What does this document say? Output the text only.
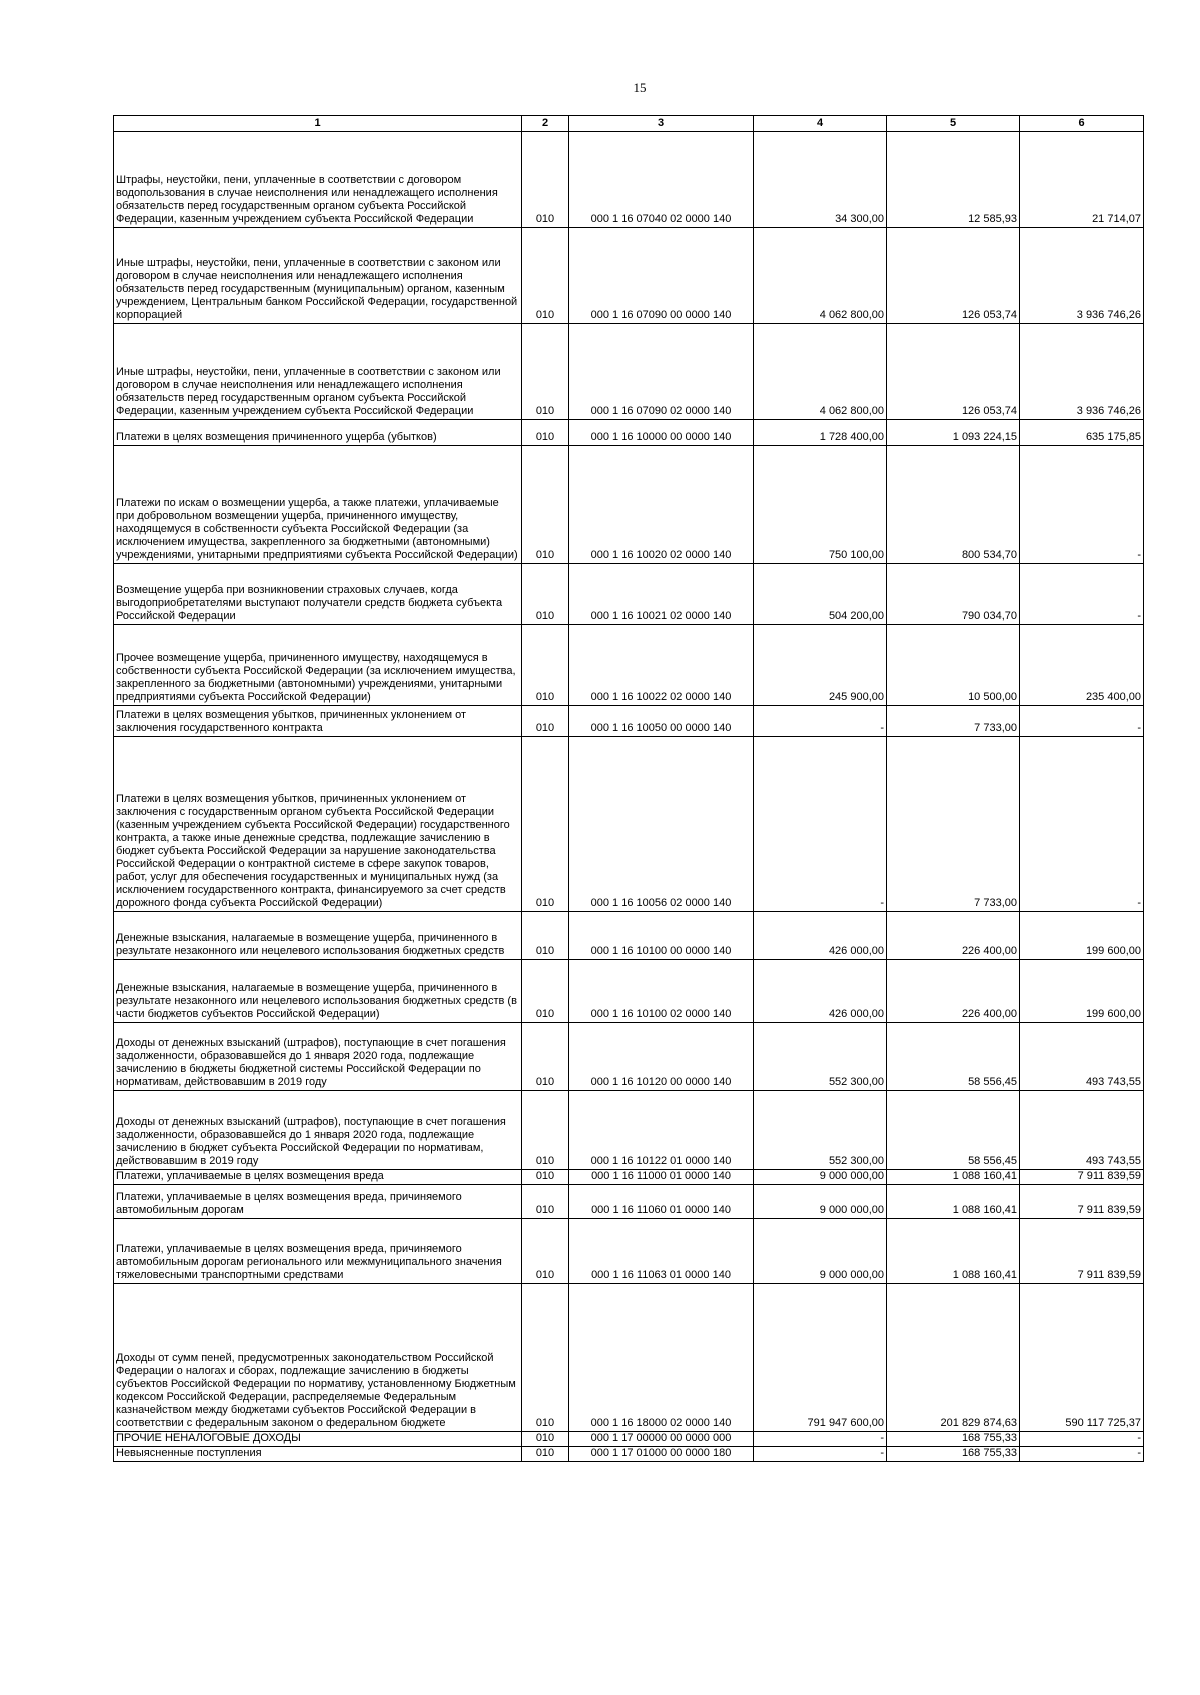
15
1	2	3	4	5	6
Штрафы, неустойки, пени, уплаченные в соответствии с договором водопользования в случае неисполнения или ненадлежащего исполнения обязательств перед государственным органом субъекта Российской Федерации, казенным учреждением субъекта Российской Федерации	010	000 1 16 07040 02 0000 140	34 300,00	12 585,93	21 714,07
Иные штрафы, неустойки, пени, уплаченные в соответствии с законом или договором в случае неисполнения или ненадлежащего исполнения обязательств перед государственным (муниципальным) органом, казенным учреждением, Центральным банком Российской Федерации, государственной корпорацией	010	000 1 16 07090 00 0000 140	4 062 800,00	126 053,74	3 936 746,26
Иные штрафы, неустойки, пени, уплаченные в соответствии с законом или договором в случае неисполнения или ненадлежащего исполнения обязательств перед государственным органом субъекта Российской Федерации, казенным учреждением субъекта Российской Федерации	010	000 1 16 07090 02 0000 140	4 062 800,00	126 053,74	3 936 746,26
Платежи в целях возмещения причиненного ущерба (убытков)	010	000 1 16 10000 00 0000 140	1 728 400,00	1 093 224,15	635 175,85
Платежи по искам о возмещении ущерба, а также платежи, уплачиваемые при добровольном возмещении ущерба, причиненного имуществу, находящемуся в собственности субъекта Российской Федерации (за исключением имущества, закрепленного за бюджетными (автономными) учреждениями, унитарными предприятиями субъекта Российской Федерации)	010	000 1 16 10020 02 0000 140	750 100,00	800 534,70	-
Возмещение ущерба при возникновении страховых случаев, когда выгодоприобретателями выступают получатели средств бюджета субъекта Российской Федерации	010	000 1 16 10021 02 0000 140	504 200,00	790 034,70	-
Прочее возмещение ущерба, причиненного имуществу, находящемуся в собственности субъекта Российской Федерации (за исключением имущества, закрепленного за бюджетными (автономными) учреждениями, унитарными предприятиями субъекта Российской Федерации)	010	000 1 16 10022 02 0000 140	245 900,00	10 500,00	235 400,00
Платежи в целях возмещения убытков, причиненных уклонением от заключения государственного контракта	010	000 1 16 10050 00 0000 140	-	7 733,00	-
Платежи в целях возмещения убытков, причиненных уклонением от заключения с государственным органом субъекта Российской Федерации (казенным учреждением субъекта Российской Федерации) государственного контракта, а также иные денежные средства, подлежащие зачислению в бюджет субъекта Российской Федерации за нарушение законодательства Российской Федерации о контрактной системе в сфере закупок товаров, работ, услуг для обеспечения государственных и муниципальных нужд (за исключением государственного контракта, финансируемого за счет средств дорожного фонда субъекта Российской Федерации)	010	000 1 16 10056 02 0000 140	-	7 733,00	-
Денежные взыскания, налагаемые в возмещение ущерба, причиненного в результате незаконного или нецелевого использования бюджетных средств	010	000 1 16 10100 00 0000 140	426 000,00	226 400,00	199 600,00
Денежные взыскания, налагаемые в возмещение ущерба, причиненного в результате незаконного или нецелевого использования бюджетных средств (в части бюджетов субъектов Российской Федерации)	010	000 1 16 10100 02 0000 140	426 000,00	226 400,00	199 600,00
Доходы от денежных взысканий (штрафов), поступающие в счет погашения задолженности, образовавшейся до 1 января 2020 года, подлежащие зачислению в бюджеты бюджетной системы Российской Федерации по нормативам, действовавшим в 2019 году	010	000 1 16 10120 00 0000 140	552 300,00	58 556,45	493 743,55
Доходы от денежных взысканий (штрафов), поступающие в счет погашения задолженности, образовавшейся до 1 января 2020 года, подлежащие зачислению в бюджет субъекта Российской Федерации по нормативам, действовавшим в 2019 году	010	000 1 16 10122 01 0000 140	552 300,00	58 556,45	493 743,55
Платежи, уплачиваемые в целях возмещения вреда	010	000 1 16 11000 01 0000 140	9 000 000,00	1 088 160,41	7 911 839,59
Платежи, уплачиваемые в целях возмещения вреда, причиняемого автомобильным дорогам	010	000 1 16 11060 01 0000 140	9 000 000,00	1 088 160,41	7 911 839,59
Платежи, уплачиваемые в целях возмещения вреда, причиняемого автомобильным дорогам регионального или межмуниципального значения тяжеловесными транспортными средствами	010	000 1 16 11063 01 0000 140	9 000 000,00	1 088 160,41	7 911 839,59
Доходы от сумм пеней, предусмотренных законодательством Российской Федерации о налогах и сборах, подлежащие зачислению в бюджеты субъектов Российской Федерации по нормативу, установленному Бюджетным кодексом Российской Федерации, распределяемые Федеральным казначейством между бюджетами субъектов Российской Федерации в соответствии с федеральным законом о федеральном бюджете	010	000 1 16 18000 02 0000 140	791 947 600,00	201 829 874,63	590 117 725,37
ПРОЧИЕ НЕНАЛОГОВЫЕ ДОХОДЫ	010	000 1 17 00000 00 0000 000	-	168 755,33	-
Невыясненные поступления	010	000 1 17 01000 00 0000 180	-	168 755,33	-
